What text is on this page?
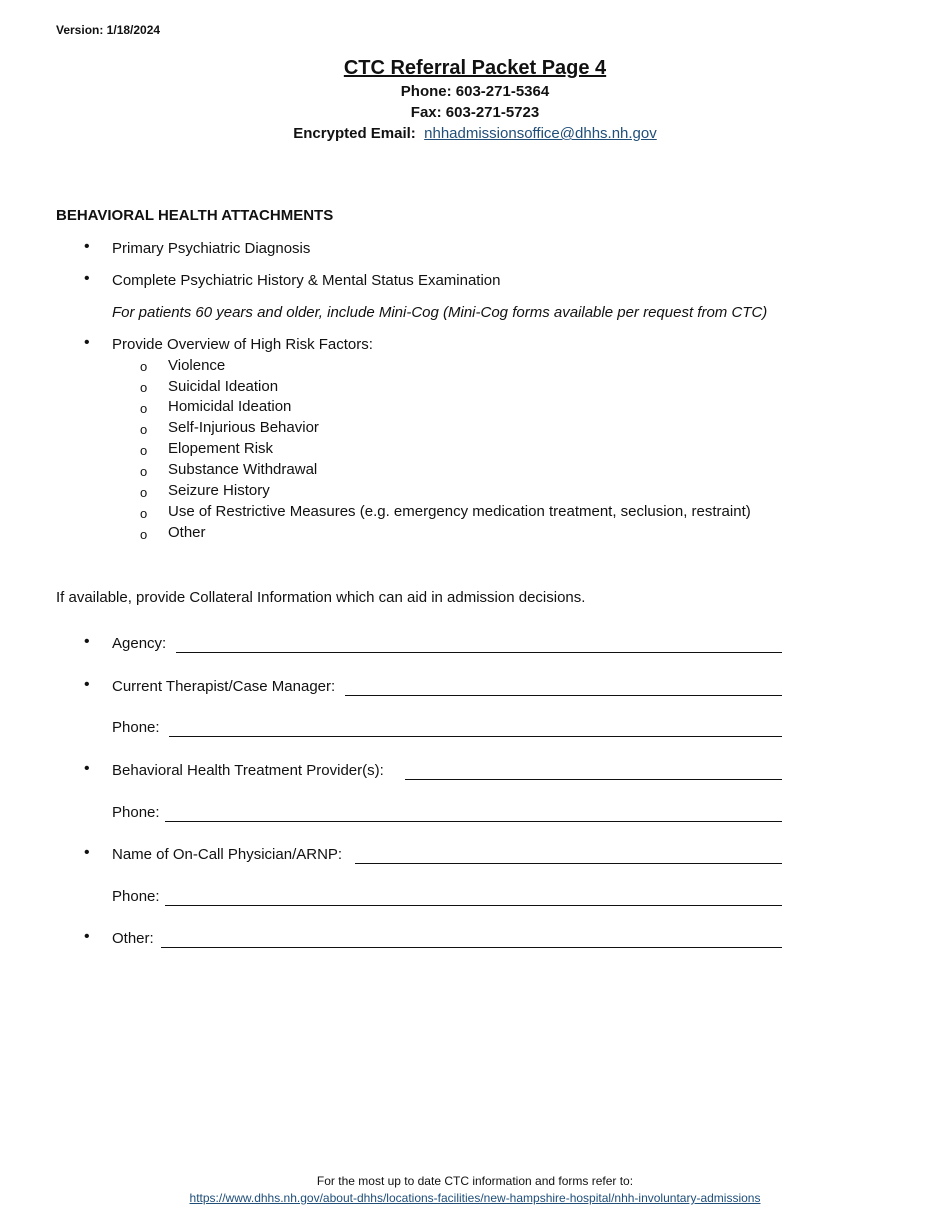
Version: 1/18/2024
CTC Referral Packet Page 4
Phone: 603-271-5364
Fax: 603-271-5723
Encrypted Email: nhhadmissionsoffice@dhhs.nh.gov
BEHAVIORAL HEALTH ATTACHMENTS
• Primary Psychiatric Diagnosis
• Complete Psychiatric History & Mental Status Examination
For patients 60 years and older, include Mini-Cog (Mini-Cog forms available per request from CTC)
• Provide Overview of High Risk Factors:
o Violence
o Suicidal Ideation
o Homicidal Ideation
o Self-Injurious Behavior
o Elopement Risk
o Substance Withdrawal
o Seizure History
o Use of Restrictive Measures (e.g. emergency medication treatment, seclusion, restraint)
o Other
If available, provide Collateral Information which can aid in admission decisions.
• Agency:
• Current Therapist/Case Manager:
Phone:
• Behavioral Health Treatment Provider(s):
Phone:
• Name of On-Call Physician/ARNP:
Phone:
• Other:
For the most up to date CTC information and forms refer to:
https://www.dhhs.nh.gov/about-dhhs/locations-facilities/new-hampshire-hospital/nhh-involuntary-admissions
